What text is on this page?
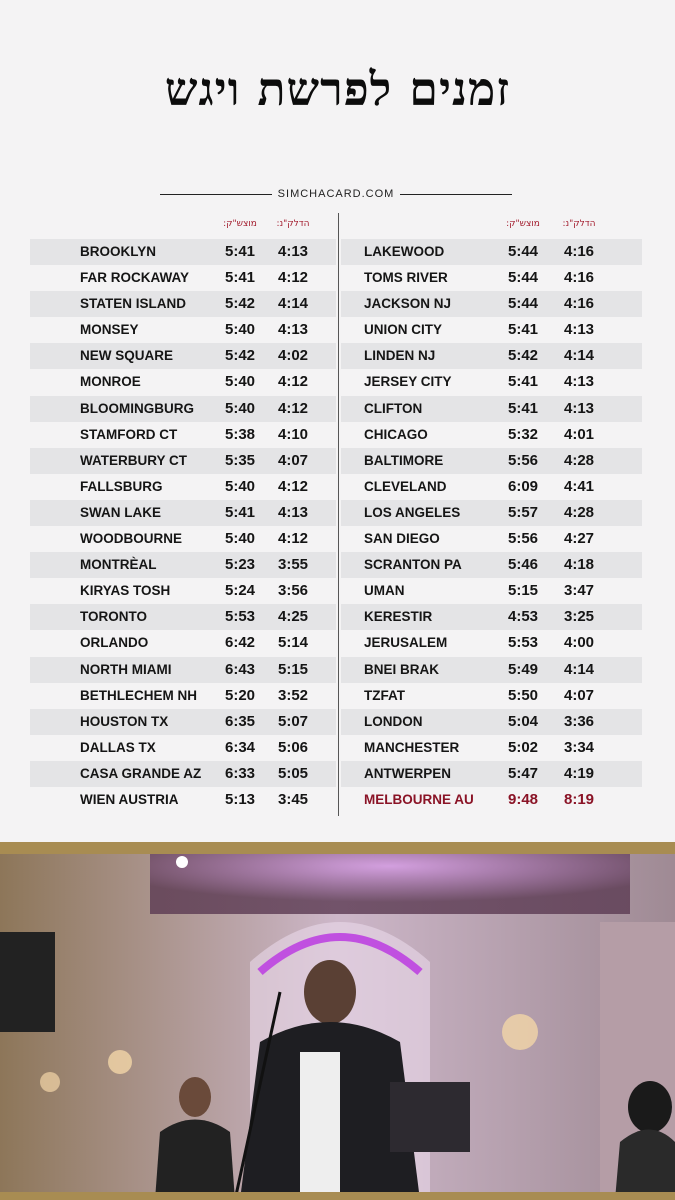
זמנים לפרשת ויגש
SIMCHACARD.COM
מוצש"ק:	הדלק"נ:	מוצש"ק:	הדלק"נ:
BROOKLYN	5:41	4:13
FAR ROCKAWAY	5:41	4:12
STATEN ISLAND	5:42	4:14
MONSEY	5:40	4:13
NEW SQUARE	5:42	4:02
MONROE	5:40	4:12
BLOOMINGBURG	5:40	4:12
STAMFORD CT	5:38	4:10
WATERBURY CT	5:35	4:07
FALLSBURG	5:40	4:12
SWAN LAKE	5:41	4:13
WOODBOURNE	5:40	4:12
MONTRÈAL	5:23	3:55
KIRYAS TOSH	5:24	3:56
TORONTO	5:53	4:25
ORLANDO	6:42	5:14
NORTH MIAMI	6:43	5:15
BETHLECHEM NH	5:20	3:52
HOUSTON TX	6:35	5:07
DALLAS TX	6:34	5:06
CASA GRANDE AZ	6:33	5:05
WIEN AUSTRIA	5:13	3:45
LAKEWOOD	5:44	4:16
TOMS RIVER	5:44	4:16
JACKSON NJ	5:44	4:16
UNION CITY	5:41	4:13
LINDEN NJ	5:42	4:14
JERSEY CITY	5:41	4:13
CLIFTON	5:41	4:13
CHICAGO	5:32	4:01
BALTIMORE	5:56	4:28
CLEVELAND	6:09	4:41
LOS ANGELES	5:57	4:28
SAN DIEGO	5:56	4:27
SCRANTON PA	5:46	4:18
UMAN	5:15	3:47
KERESTIR	4:53	3:25
JERUSALEM	5:53	4:00
BNEI BRAK	5:49	4:14
TZFAT	5:50	4:07
LONDON	5:04	3:36
MANCHESTER	5:02	3:34
ANTWERPEN	5:47	4:19
MELBOURNE AU	9:48	8:19
